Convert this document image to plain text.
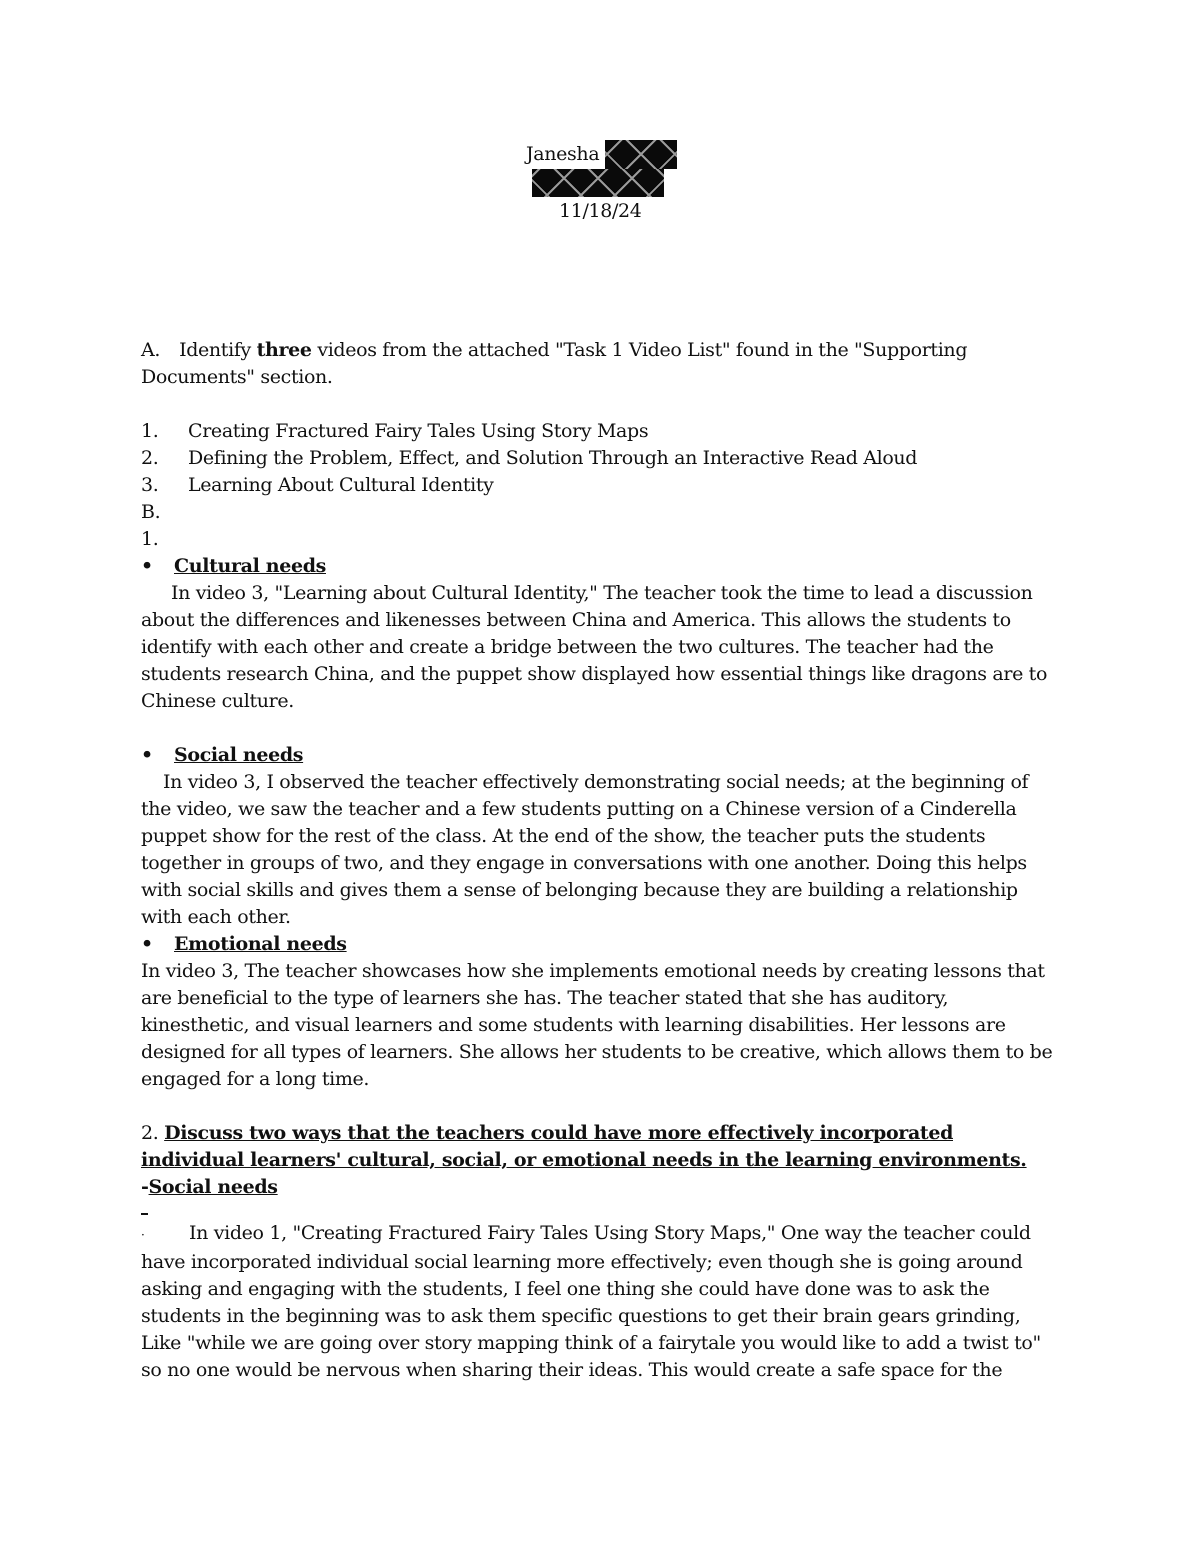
Janesha
11/18/24

A. Identify three videos from the attached "Task 1 Video List" found in the "Supporting Documents" section.

1.	Creating Fractured Fairy Tales Using Story Maps
2.	Defining the Problem, Effect, and Solution Through an Interactive Read Aloud
3.	Learning About Cultural Identity
B.
1.
• Cultural needs

In video 3, "Learning about Cultural Identity," The teacher took the time to lead a discussion about the differences and likenesses between China and America. This allows the students to identify with each other and create a bridge between the two cultures. The teacher had the students research China, and the puppet show displayed how essential things like dragons are to Chinese culture.

• Social needs

In video 3, I observed the teacher effectively demonstrating social needs; at the beginning of the video, we saw the teacher and a few students putting on a Chinese version of a Cinderella puppet show for the rest of the class. At the end of the show, the teacher puts the students together in groups of two, and they engage in conversations with one another. Doing this helps with social skills and gives them a sense of belonging because they are building a relationship with each other.

• Emotional needs

In video 3, The teacher showcases how she implements emotional needs by creating lessons that are beneficial to the type of learners she has. The teacher stated that she has auditory, kinesthetic, and visual learners and some students with learning disabilities. Her lessons are designed for all types of learners. She allows her students to be creative, which allows them to be engaged for a long time.

2. Discuss two ways that the teachers could have more effectively incorporated individual learners' cultural, social, or emotional needs in the learning environments.

-Social needs

· In video 1, "Creating Fractured Fairy Tales Using Story Maps," One way the teacher could have incorporated individual social learning more effectively; even though she is going around asking and engaging with the students, I feel one thing she could have done was to ask the students in the beginning was to ask them specific questions to get their brain gears grinding, Like "while we are going over story mapping think of a fairytale you would like to add a twist to" so no one would be nervous when sharing their ideas. This would create a safe space for the
